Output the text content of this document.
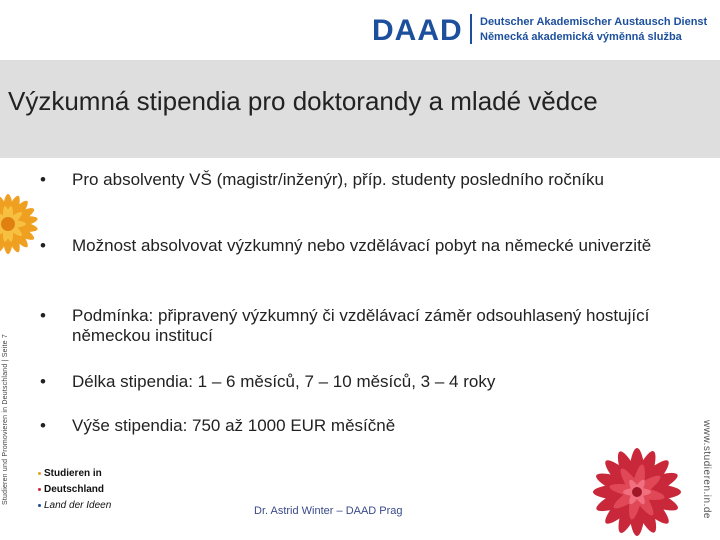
DAAD Deutscher Akademischer Austausch Dienst
Německá akademická výměnná služba
Výzkumná stipendia pro doktorandy a mladé vědce
Studieren und Promovieren in Deutschland | Seite 7	www.studieren.in.de
•	Pro absolventy VŠ (magistr/inženýr), příp. studenty posledního ročníku
•	Možnost absolvovat výzkumný nebo vzdělávací pobyt na německé univerzitě
•	Podmínka: připravený výzkumný či vzdělávací záměr odsouhlasený hostující německou institucí
•	Délka stipendia: 1 – 6 měsíců, 7 – 10 měsíců, 3 – 4 roky
•	Výše stipendia: 750 až 1000 EUR měsíčně
Studieren in
Deutschland
Land der Ideen	Dr. Astrid Winter – DAAD Prag
